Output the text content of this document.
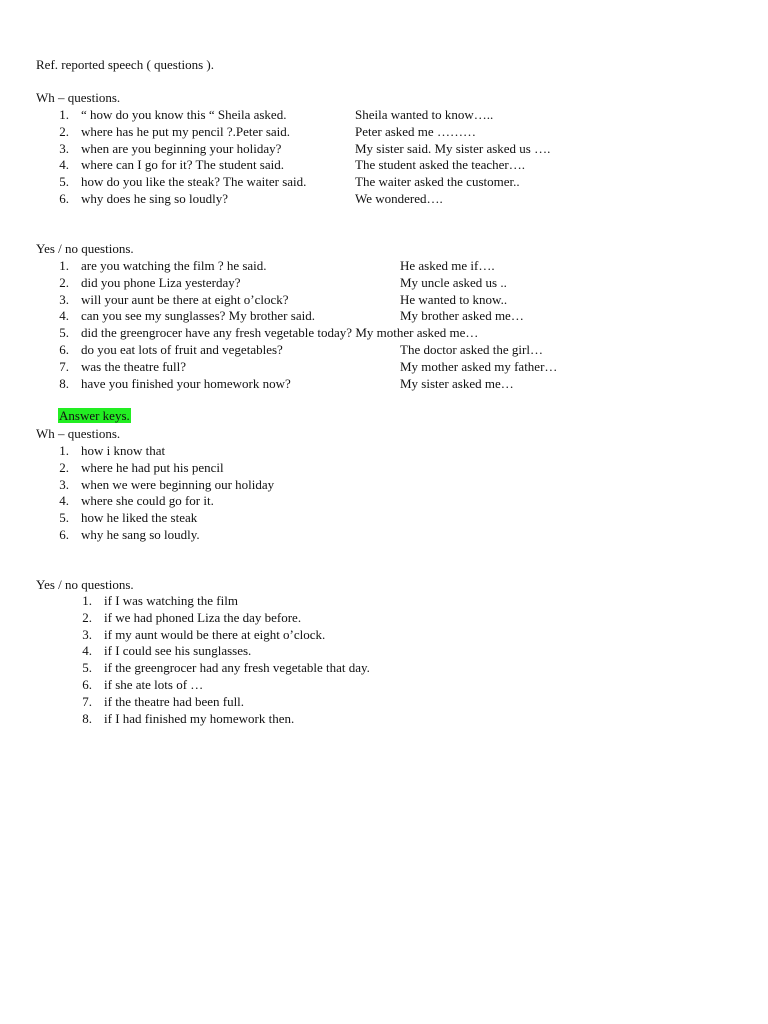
Ref. reported speech ( questions ).
Wh – questions.
1. “ how do you know this “ Sheila asked.	Sheila wanted to know…..
2. where has he put my pencil ?.Peter said.	Peter asked me ………
3. when are you beginning your holiday?	My sister said. My sister asked us ….
4. where can I go for it? The student said.	The student asked the teacher….
5. how do you like the steak? The waiter said.	The waiter asked the customer..
6. why does he sing so loudly?	We wondered….
Yes / no questions.
1. are you watching the film ? he said.	He asked me if….
2. did you phone Liza yesterday?	My uncle asked us ..
3. will your aunt be there at eight o’clock?	He wanted to know..
4. can you see my sunglasses? My brother said.	My brother asked me…
5. did the greengrocer have any fresh vegetable today? My mother asked me…
6. do you eat lots of fruit and vegetables?	The doctor asked the girl…
7. was the theatre full?	My mother asked my father…
8. have you finished your homework now?	My sister asked me…
Answer keys.
Wh – questions.
1. how i know that
2. where he had put his pencil
3. when we were beginning our holiday
4. where she could go for it.
5. how he liked the steak
6. why he sang so loudly.
Yes / no questions.
1. if I was watching the film
2. if we had phoned Liza the day before.
3. if my aunt would be there at eight o’clock.
4. if I could see his sunglasses.
5. if the greengrocer had any fresh vegetable that day.
6. if she ate lots of …
7. if the theatre had been full.
8. if I had finished my homework then.
